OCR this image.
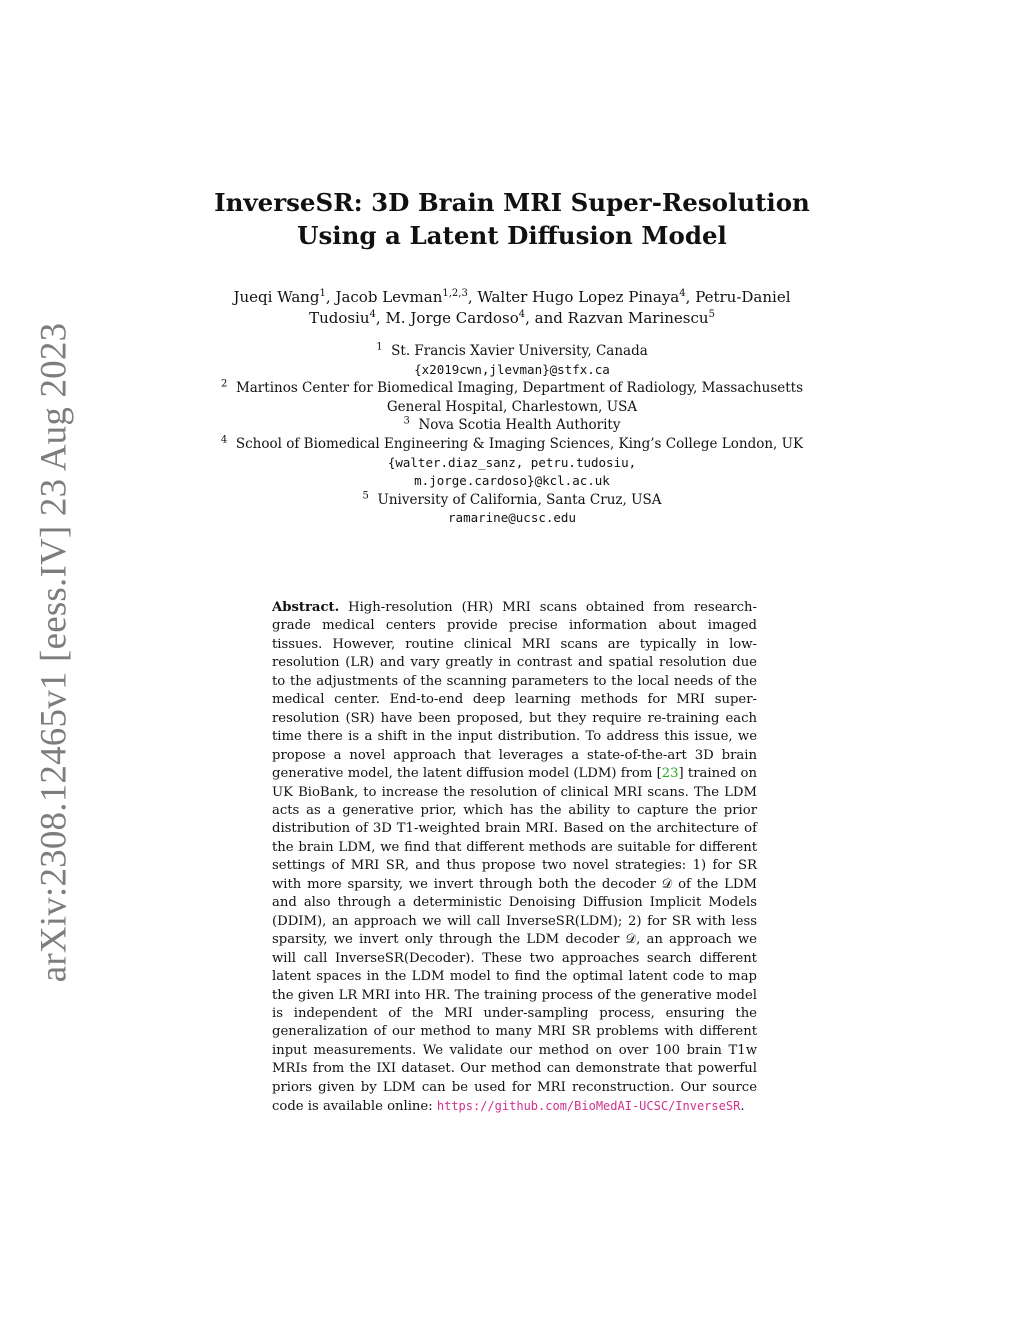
arXiv:2308.12465v1 [eess.IV] 23 Aug 2023
InverseSR: 3D Brain MRI Super-Resolution
Using a Latent Diffusion Model
Jueqi Wang$^1$, Jacob Levman$^{1,2,3}$, Walter Hugo Lopez Pinaya$^4$, Petru-Daniel Tudosiu$^4$, M. Jorge Cardoso$^4$, and Razvan Marinescu$^5$
$^1$ St. Francis Xavier University, Canada
{x2019cwn,jlevman}@stfx.ca
$^2$ Martinos Center for Biomedical Imaging, Department of Radiology, Massachusetts
General Hospital, Charlestown, USA
$^3$ Nova Scotia Health Authority
$^4$ School of Biomedical Engineering & Imaging Sciences, King’s College London, UK
{walter.diaz_sanz, petru.tudosiu,
m.jorge.cardoso}@kcl.ac.uk
$^5$ University of California, Santa Cruz, USA
ramarine@ucsc.edu
Abstract. High-resolution (HR) MRI scans obtained from research-grade medical centers provide precise information about imaged tissues. However, routine clinical MRI scans are typically in low-resolution (LR) and vary greatly in contrast and spatial resolution due to the adjustments of the scanning parameters to the local needs of the medical center. End-to-end deep learning methods for MRI super-resolution (SR) have been proposed, but they require re-training each time there is a shift in the input distribution. To address this issue, we propose a novel approach that leverages a state-of-the-art 3D brain generative model, the latent diffusion model (LDM) from [23] trained on UK BioBank, to increase the resolution of clinical MRI scans. The LDM acts as a generative prior, which has the ability to capture the prior distribution of 3D T1-weighted brain MRI. Based on the architecture of the brain LDM, we find that different methods are suitable for different settings of MRI SR, and thus propose two novel strategies: 1) for SR with more sparsity, we invert through both the decoder 𝒟 of the LDM and also through a deterministic Denoising Diffusion Implicit Models (DDIM), an approach we will call InverseSR(LDM); 2) for SR with less sparsity, we invert only through the LDM decoder 𝒟, an approach we will call InverseSR(Decoder). These two approaches search different latent spaces in the LDM model to find the optimal latent code to map the given LR MRI into HR. The training process of the generative model is independent of the MRI under-sampling process, ensuring the generalization of our method to many MRI SR problems with different input measurements. We validate our method on over 100 brain T1w MRIs from the IXI dataset. Our method can demonstrate that powerful priors given by LDM can be used for MRI reconstruction. Our source code is available online: https://github.com/BioMedAI-UCSC/InverseSR.
